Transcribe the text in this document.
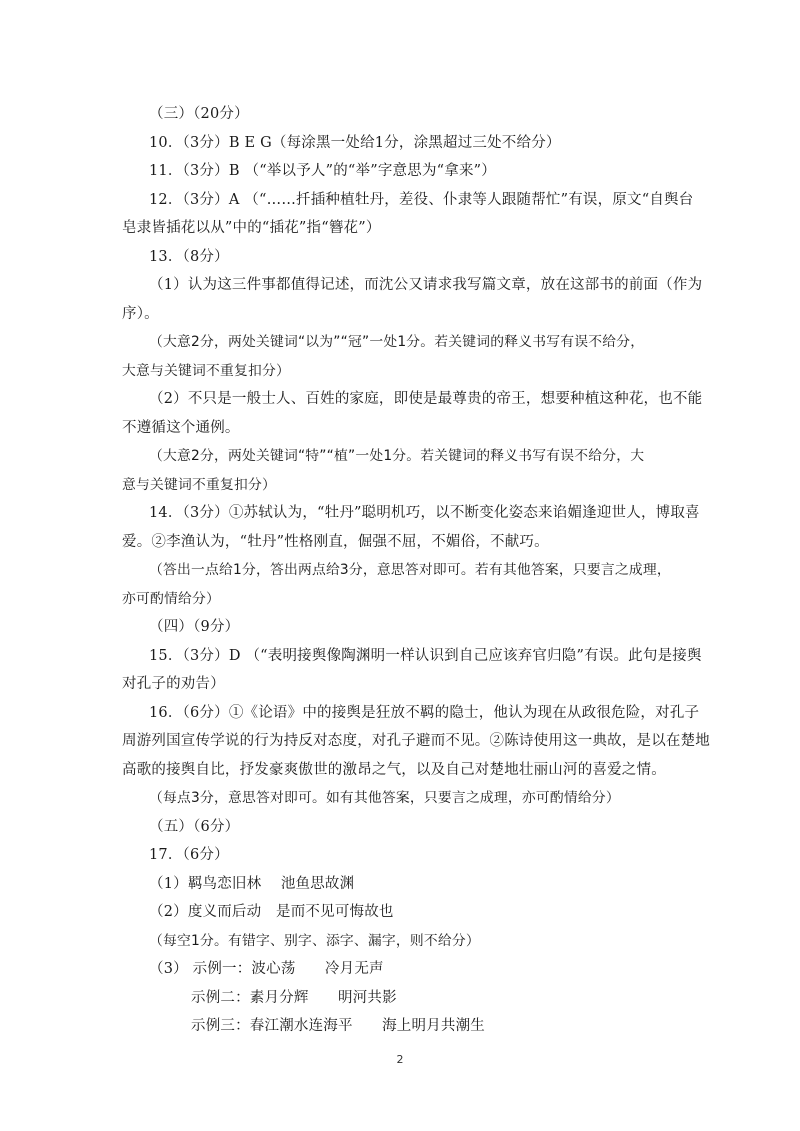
（三）（20分）
10．（3分）B E G（每涂黑一处给1分，涂黑超过三处不给分）
11．（3分）B （“举以予人”的“举”字意思为“拿来”）
12．（3分）A （“……扦插种植牡丹，差役、仆隶等人跟随帮忙”有误，原文“自舆台
皂隶皆插花以从”中的“插花”指“簪花”）
13．（8分）
（1）认为这三件事都值得记述，而沈公又请求我写篇文章，放在这部书的前面（作为
序）。
（大意2分，两处关键词“以为”“冠”一处1分。若关键词的释义书写有误不给分，
大意与关键词不重复扣分）
（2）不只是一般士人、百姓的家庭，即使是最尊贵的帝王，想要种植这种花，也不能
不遵循这个通例。
（大意2分，两处关键词“特”“植”一处1分。若关键词的释义书写有误不给分，大
意与关键词不重复扣分）
14．（3分）①苏轼认为，“牡丹”聪明机巧，以不断变化姿态来谄媚逢迎世人，博取喜
爱。②李渔认为，“牡丹”性格刚直，倔强不屈，不媚俗，不献巧。
（答出一点给1分，答出两点给3分，意思答对即可。若有其他答案，只要言之成理，
亦可酌情给分）
（四）（9分）
15．（3分）D （“表明接舆像陶渊明一样认识到自己应该弃官归隐”有误。此句是接舆
对孔子的劝告）
16．（6分）①《论语》中的接舆是狂放不羁的隐士，他认为现在从政很危险，对孔子
周游列国宣传学说的行为持反对态度，对孔子避而不见。②陈诗使用这一典故，是以在楚地
高歌的接舆自比，抒发豪爽傲世的激昂之气，以及自己对楚地壮丽山河的喜爱之情。
（每点3分，意思答对即可。如有其他答案，只要言之成理，亦可酌情给分）
（五）（6分）
17．（6分）
（1）羁鸟恋旧林　 池鱼思故渊
（2）度义而后动　是而不见可悔故也
（每空1分。有错字、别字、添字、漏字，则不给分）
（3） 示例一：波心荡　　冷月无声
示例二：素月分辉　　明河共影
示例三：春江潮水连海平　　海上明月共潮生
2
